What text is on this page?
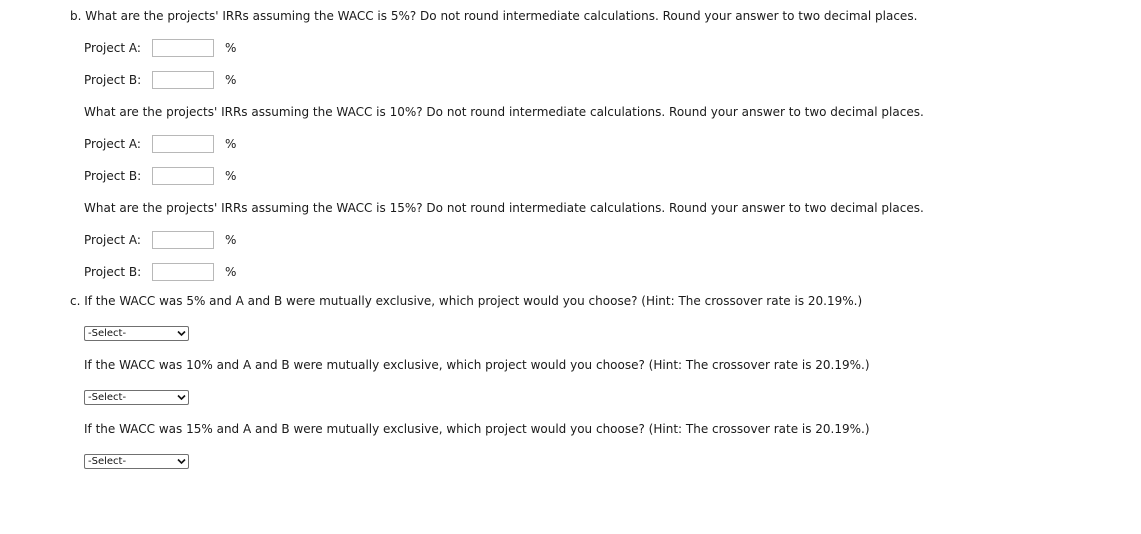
b. What are the projects' IRRs assuming the WACC is 5%? Do not round intermediate calculations. Round your answer to two decimal places.
Project A:	%
Project B:	%
What are the projects' IRRs assuming the WACC is 10%? Do not round intermediate calculations. Round your answer to two decimal places.
Project A:	%
Project B:	%
What are the projects' IRRs assuming the WACC is 15%? Do not round intermediate calculations. Round your answer to two decimal places.
Project A:	%
Project B:	%
c. If the WACC was 5% and A and B were mutually exclusive, which project would you choose? (Hint: The crossover rate is 20.19%.)
-Select-
If the WACC was 10% and A and B were mutually exclusive, which project would you choose? (Hint: The crossover rate is 20.19%.)
-Select-
If the WACC was 15% and A and B were mutually exclusive, which project would you choose? (Hint: The crossover rate is 20.19%.)
-Select-
